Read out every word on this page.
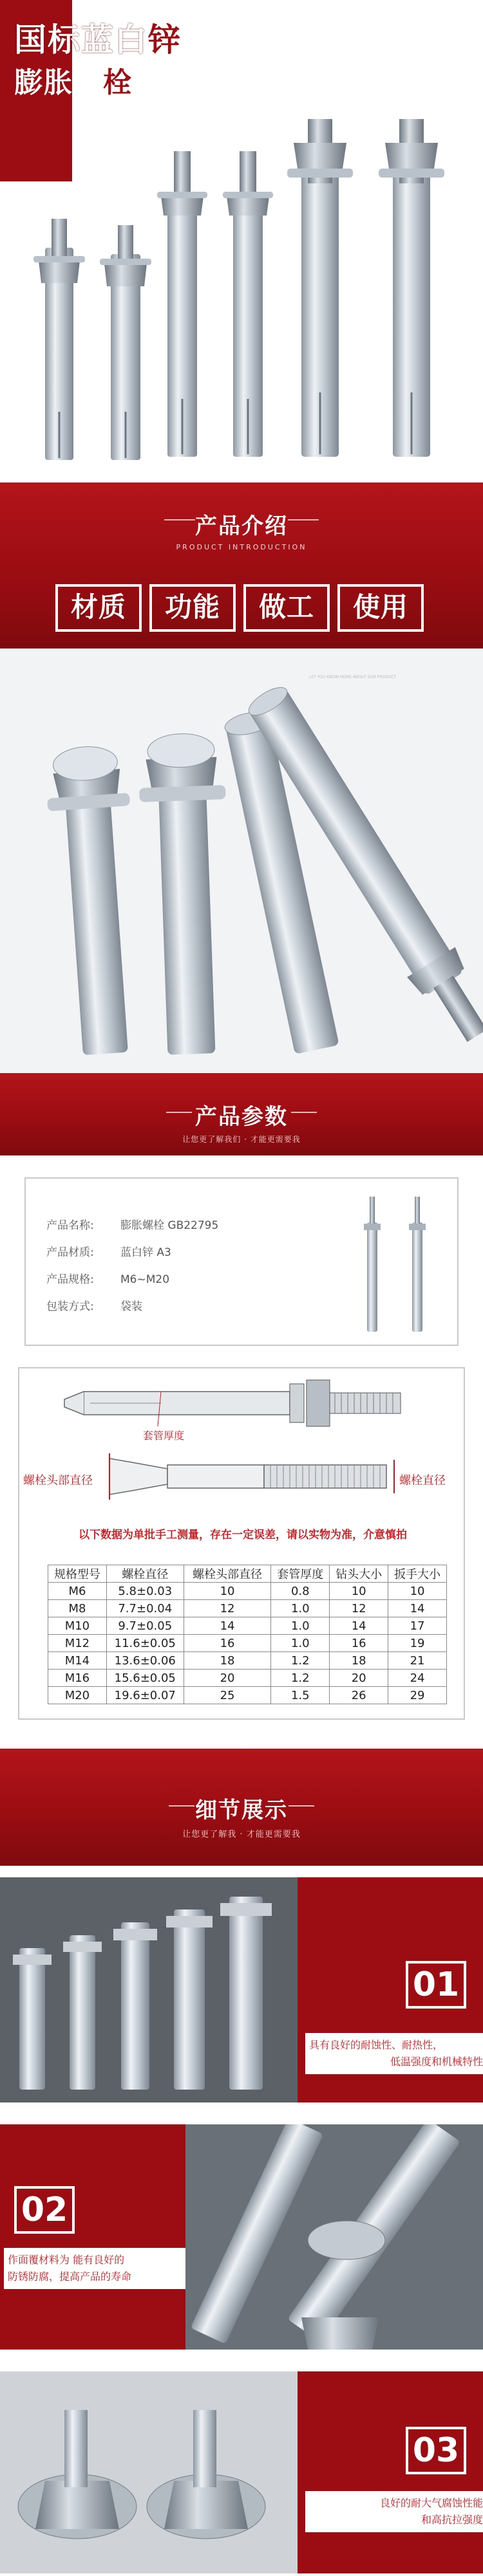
国标蓝白锌
膨胀螺栓
产品介绍
PRODUCT INTRODUCTION
材质	功能	做工	使用
LET YOU KNOW MORE ABOUT OUR PRODUCT
产品参数
让您更了解我们 · 才能更需要我
产品名称: 膨胀螺栓 GB22795
产品材质: 蓝白锌 A3
产品规格: M6~M20
包装方式: 袋装
套管厚度
螺栓头部直径	螺栓直径
以下数据为单批手工测量，存在一定误差，请以实物为准，介意慎拍
规格型号	螺栓直径	螺栓头部直径	套管厚度	钻头大小	扳手大小
M6	5.8±0.03	10	0.8	10	10
M8	7.7±0.04	12	1.0	12	14
M10	9.7±0.05	14	1.0	14	17
M12	11.6±0.05	16	1.0	16	19
M14	13.6±0.06	18	1.2	18	21
M16	15.6±0.05	20	1.2	20	24
M20	19.6±0.07	25	1.5	26	29
细节展示
让您更了解我 · 才能更需要我
01
具有良好的耐蚀性、耐热性，
低温强度和机械特性
02
作面覆材料为 能有良好的
防锈防腐，提高产品的寿命
03
良好的耐大气腐蚀性能
和高抗拉强度
